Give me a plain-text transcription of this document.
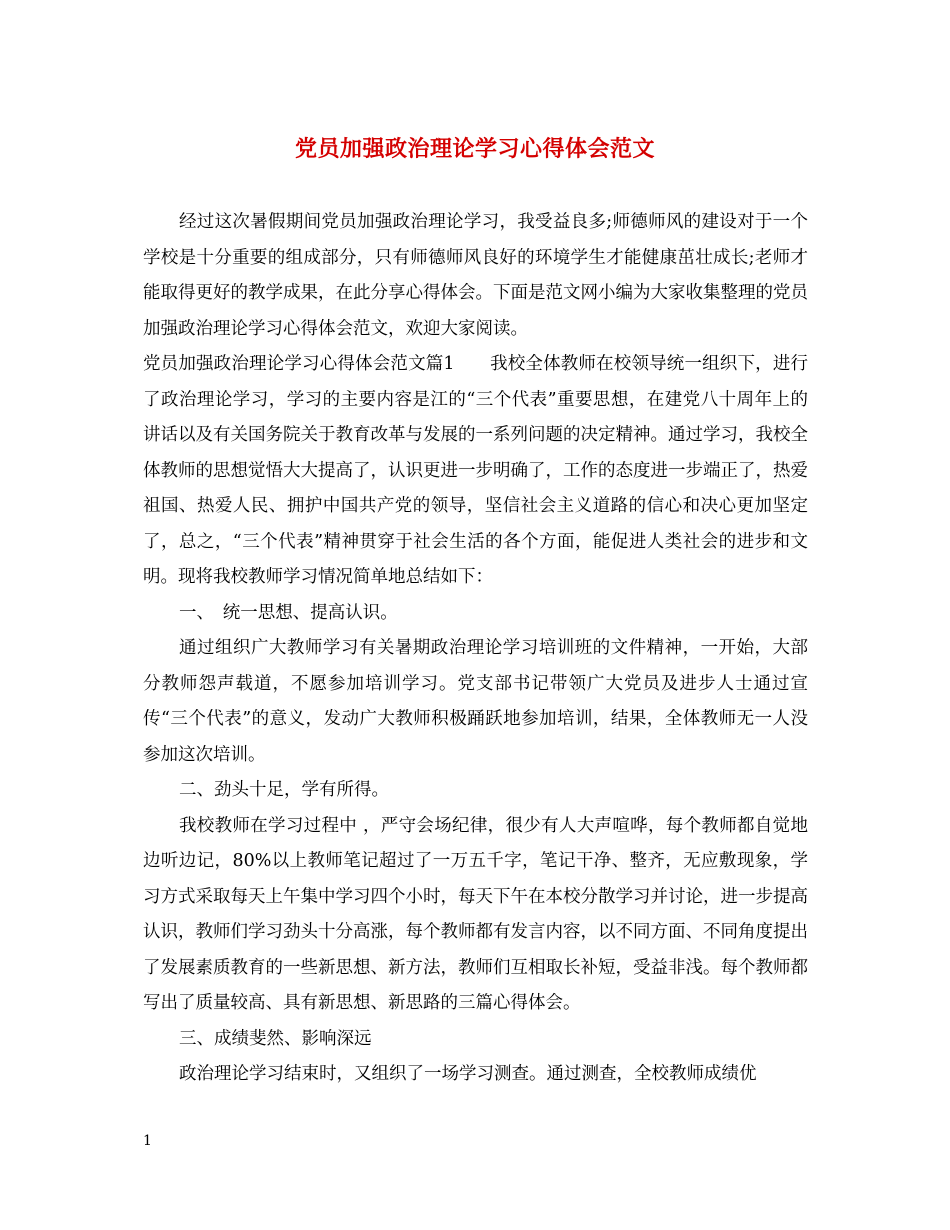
党员加强政治理论学习心得体会范文

经过这次暑假期间党员加强政治理论学习，我受益良多;师德师风的建设对于一个学校是十分重要的组成部分，只有师德师风良好的环境学生才能健康茁壮成长;老师才能取得更好的教学成果，在此分享心得体会。下面是范文网小编为大家收集整理的党员加强政治理论学习心得体会范文，欢迎大家阅读。

党员加强政治理论学习心得体会范文篇1　　我校全体教师在校领导统一组织下，进行了政治理论学习，学习的主要内容是江的“三个代表”重要思想，在建党八十周年上的讲话以及有关国务院关于教育改革与发展的一系列问题的决定精神。通过学习，我校全体教师的思想觉悟大大提高了，认识更进一步明确了，工作的态度进一步端正了，热爱祖国、热爱人民、拥护中国共产党的领导，坚信社会主义道路的信心和决心更加坚定了，总之，“三个代表”精神贯穿于社会生活的各个方面，能促进人类社会的进步和文明。现将我校教师学习情况简单地总结如下：

一、　统一思想、提高认识。

通过组织广大教师学习有关暑期政治理论学习培训班的文件精神，一开始，大部分教师怨声载道，不愿参加培训学习。党支部书记带领广大党员及进步人士通过宣传“三个代表”的意义，发动广大教师积极踊跃地参加培训，结果，全体教师无一人没参加这次培训。

二、劲头十足，学有所得。

我校教师在学习过程中 ，严守会场纪律，很少有人大声喧哗，每个教师都自觉地边听边记，80%以上教师笔记超过了一万五千字，笔记干净、整齐，无应敷现象，学习方式采取每天上午集中学习四个小时，每天下午在本校分散学习并讨论，进一步提高认识，教师们学习劲头十分高涨，每个教师都有发言内容，以不同方面、不同角度提出了发展素质教育的一些新思想、新方法，教师们互相取长补短，受益非浅。每个教师都写出了质量较高、具有新思想、新思路的三篇心得体会。

三、成绩斐然、影响深远

政治理论学习结束时，又组织了一场学习测查。通过测查，全校教师成绩优

1
